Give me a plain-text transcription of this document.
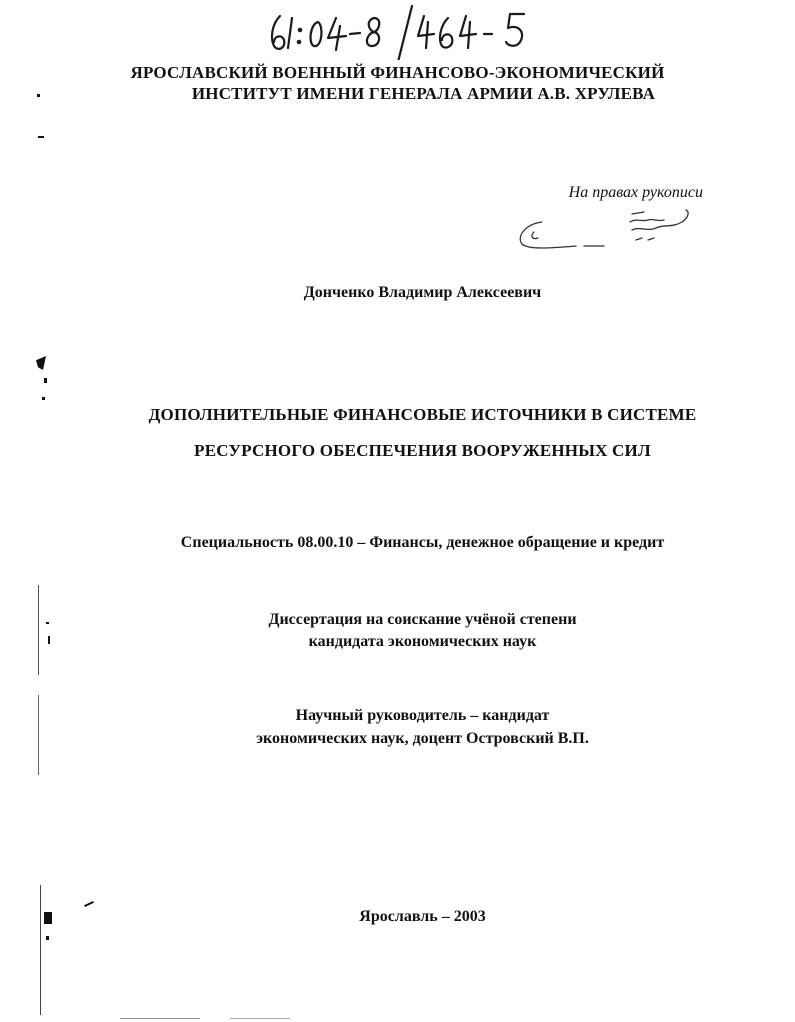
ЯРОСЛАВСКИЙ ВОЕННЫЙ ФИНАНСОВО-ЭКОНОМИЧЕСКИЙ
ИНСТИТУТ ИМЕНИ ГЕНЕРАЛА АРМИИ А.В. ХРУЛЕВА
На правах рукописи
Донченко Владимир Алексеевич
ДОПОЛНИТЕЛЬНЫЕ ФИНАНСОВЫЕ ИСТОЧНИКИ В СИСТЕМЕ
РЕСУРСНОГО ОБЕСПЕЧЕНИЯ ВООРУЖЕННЫХ СИЛ
Специальность 08.00.10 – Финансы, денежное обращение и кредит
Диссертация на соискание учёной степени
кандидата экономических наук
Научный руководитель – кандидат
экономических наук, доцент Островский В.П.
Ярославль – 2003
